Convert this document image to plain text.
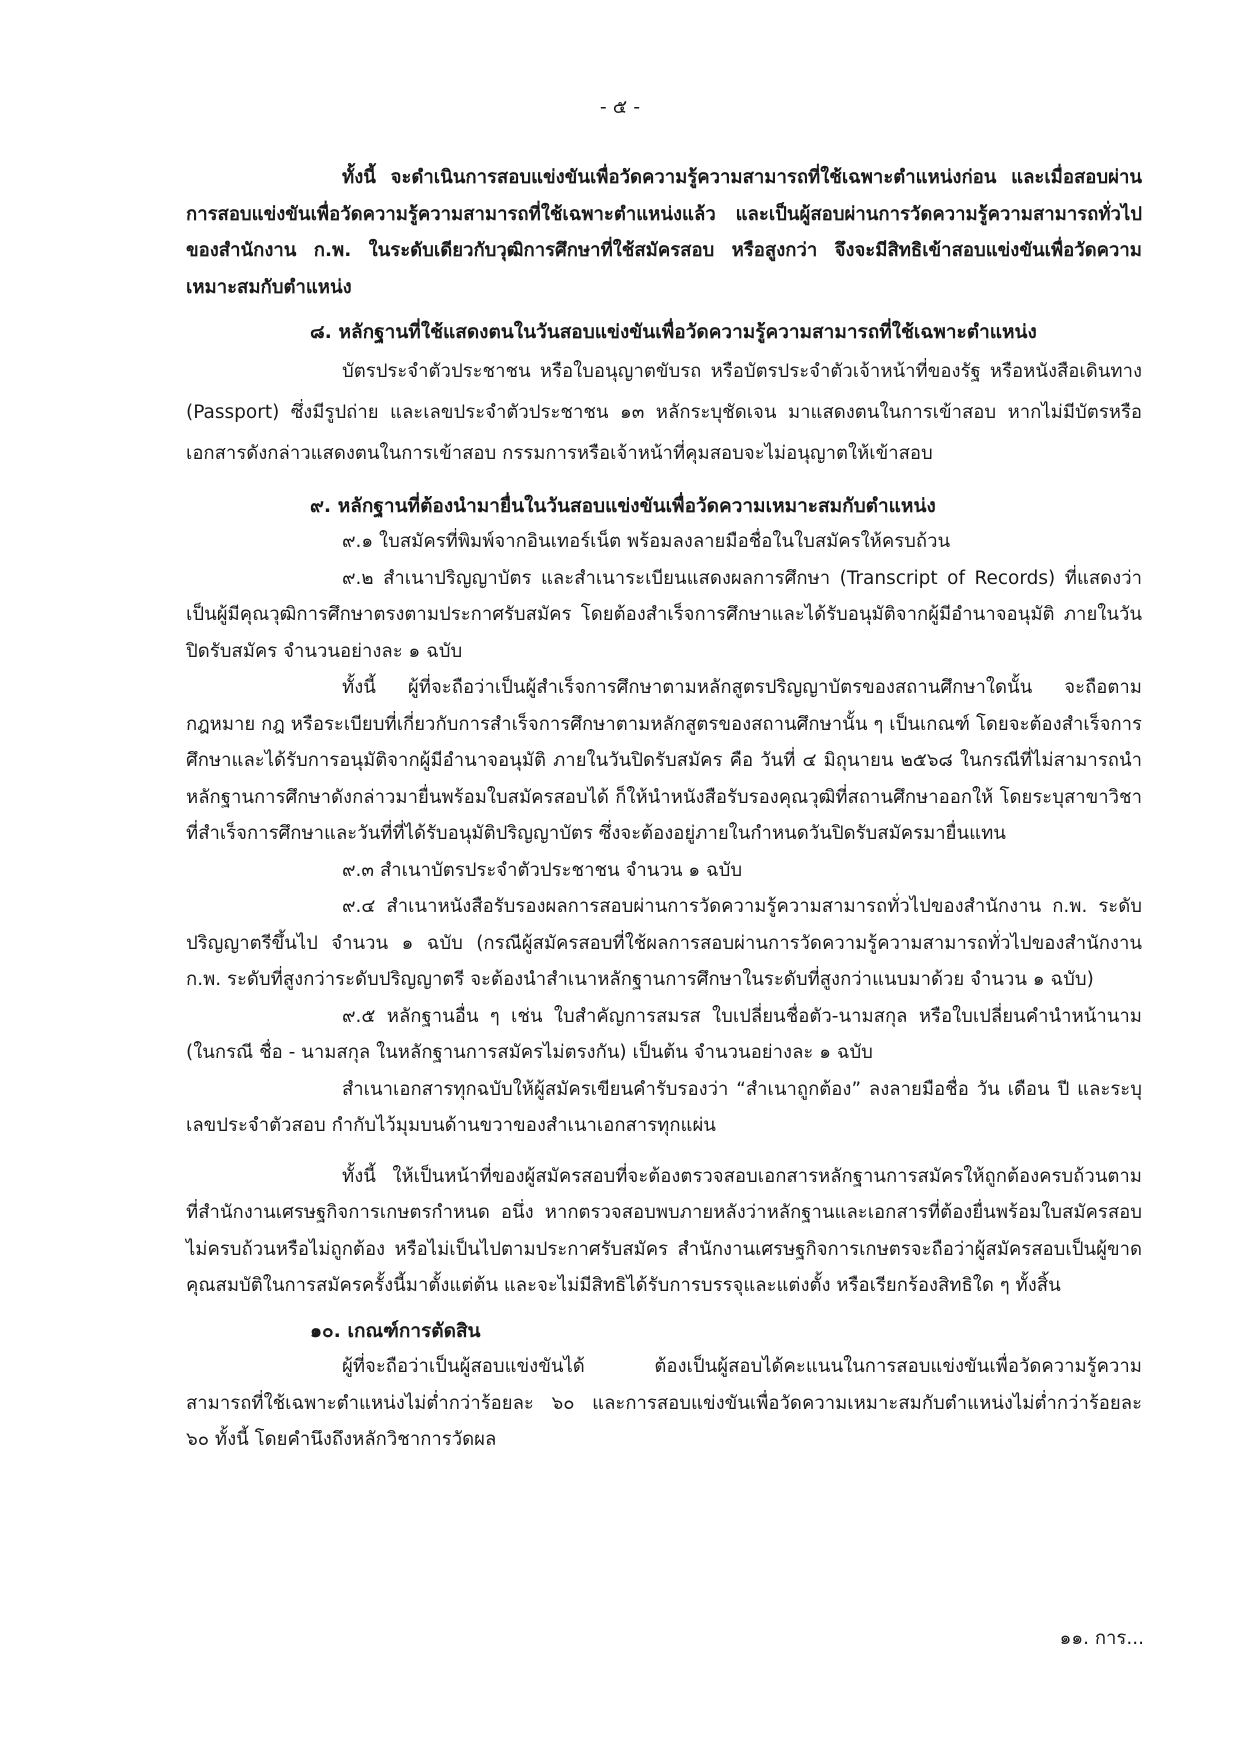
- ๕ -

ทั้งนี้ จะดำเนินการสอบแข่งขันเพื่อวัดความรู้ความสามารถที่ใช้เฉพาะตำแหน่งก่อน และเมื่อสอบผ่านการสอบแข่งขันเพื่อวัดความรู้ความสามารถที่ใช้เฉพาะตำแหน่งแล้ว และเป็นผู้สอบผ่านการวัดความรู้ความสามารถทั่วไปของสำนักงาน ก.พ. ในระดับเดียวกับวุฒิการศึกษาที่ใช้สมัครสอบ หรือสูงกว่า จึงจะมีสิทธิเข้าสอบแข่งขันเพื่อวัดความเหมาะสมกับตำแหน่ง

๘. หลักฐานที่ใช้แสดงตนในวันสอบแข่งขันเพื่อวัดความรู้ความสามารถที่ใช้เฉพาะตำแหน่ง

บัตรประจำตัวประชาชน หรือใบอนุญาตขับรถ หรือบัตรประจำตัวเจ้าหน้าที่ของรัฐ หรือหนังสือเดินทาง (Passport) ซึ่งมีรูปถ่าย และเลขประจำตัวประชาชน ๑๓ หลักระบุชัดเจน มาแสดงตนในการเข้าสอบ หากไม่มีบัตรหรือเอกสารดังกล่าวแสดงตนในการเข้าสอบ กรรมการหรือเจ้าหน้าที่คุมสอบจะไม่อนุญาตให้เข้าสอบ

๙. หลักฐานที่ต้องนำมายื่นในวันสอบแข่งขันเพื่อวัดความเหมาะสมกับตำแหน่ง

๙.๑ ใบสมัครที่พิมพ์จากอินเทอร์เน็ต พร้อมลงลายมือชื่อในใบสมัครให้ครบถ้วน

๙.๒ สำเนาปริญญาบัตร และสำเนาระเบียนแสดงผลการศึกษา (Transcript of Records) ที่แสดงว่าเป็นผู้มีคุณวุฒิการศึกษาตรงตามประกาศรับสมัคร โดยต้องสำเร็จการศึกษาและได้รับอนุมัติจากผู้มีอำนาจอนุมัติ ภายในวันปิดรับสมัคร จำนวนอย่างละ ๑ ฉบับ

ทั้งนี้ ผู้ที่จะถือว่าเป็นผู้สำเร็จการศึกษาตามหลักสูตรปริญญาบัตรของสถานศึกษาใดนั้น จะถือตามกฎหมาย กฎ หรือระเบียบที่เกี่ยวกับการสำเร็จการศึกษาตามหลักสูตรของสถานศึกษานั้น ๆ เป็นเกณฑ์ โดยจะต้องสำเร็จการศึกษาและได้รับการอนุมัติจากผู้มีอำนาจอนุมัติ ภายในวันปิดรับสมัคร คือ วันที่ ๔ มิถุนายน ๒๕๖๘ ในกรณีที่ไม่สามารถนำหลักฐานการศึกษาดังกล่าวมายื่นพร้อมใบสมัครสอบได้ ก็ให้นำหนังสือรับรองคุณวุฒิที่สถานศึกษาออกให้ โดยระบุสาขาวิชาที่สำเร็จการศึกษาและวันที่ที่ได้รับอนุมัติปริญญาบัตร ซึ่งจะต้องอยู่ภายในกำหนดวันปิดรับสมัครมายื่นแทน

๙.๓ สำเนาบัตรประจำตัวประชาชน จำนวน ๑ ฉบับ

๙.๔ สำเนาหนังสือรับรองผลการสอบผ่านการวัดความรู้ความสามารถทั่วไปของสำนักงาน ก.พ. ระดับปริญญาตรีขึ้นไป จำนวน ๑ ฉบับ (กรณีผู้สมัครสอบที่ใช้ผลการสอบผ่านการวัดความรู้ความสามารถทั่วไปของสำนักงาน ก.พ. ระดับที่สูงกว่าระดับปริญญาตรี จะต้องนำสำเนาหลักฐานการศึกษาในระดับที่สูงกว่าแนบมาด้วย จำนวน ๑ ฉบับ)

๙.๕ หลักฐานอื่น ๆ เช่น ใบสำคัญการสมรส ใบเปลี่ยนชื่อตัว-นามสกุล หรือใบเปลี่ยนคำนำหน้านาม (ในกรณี ชื่อ - นามสกุล ในหลักฐานการสมัครไม่ตรงกัน) เป็นต้น จำนวนอย่างละ ๑ ฉบับ

สำเนาเอกสารทุกฉบับให้ผู้สมัครเขียนคำรับรองว่า “สำเนาถูกต้อง” ลงลายมือชื่อ วัน เดือน ปี และระบุเลขประจำตัวสอบ กำกับไว้มุมบนด้านขวาของสำเนาเอกสารทุกแผ่น

ทั้งนี้ ให้เป็นหน้าที่ของผู้สมัครสอบที่จะต้องตรวจสอบเอกสารหลักฐานการสมัครให้ถูกต้องครบถ้วนตามที่สำนักงานเศรษฐกิจการเกษตรกำหนด อนึ่ง หากตรวจสอบพบภายหลังว่าหลักฐานและเอกสารที่ต้องยื่นพร้อมใบสมัครสอบไม่ครบถ้วนหรือไม่ถูกต้อง หรือไม่เป็นไปตามประกาศรับสมัคร สำนักงานเศรษฐกิจการเกษตรจะถือว่าผู้สมัครสอบเป็นผู้ขาดคุณสมบัติในการสมัครครั้งนี้มาตั้งแต่ต้น และจะไม่มีสิทธิได้รับการบรรจุและแต่งตั้ง หรือเรียกร้องสิทธิใด ๆ ทั้งสิ้น

๑๐. เกณฑ์การตัดสิน

ผู้ที่จะถือว่าเป็นผู้สอบแข่งขันได้ ต้องเป็นผู้สอบได้คะแนนในการสอบแข่งขันเพื่อวัดความรู้ความสามารถที่ใช้เฉพาะตำแหน่งไม่ต่ำกว่าร้อยละ ๖๐ และการสอบแข่งขันเพื่อวัดความเหมาะสมกับตำแหน่งไม่ต่ำกว่าร้อยละ ๖๐ ทั้งนี้ โดยคำนึงถึงหลักวิชาการวัดผล

๑๑. การ...
